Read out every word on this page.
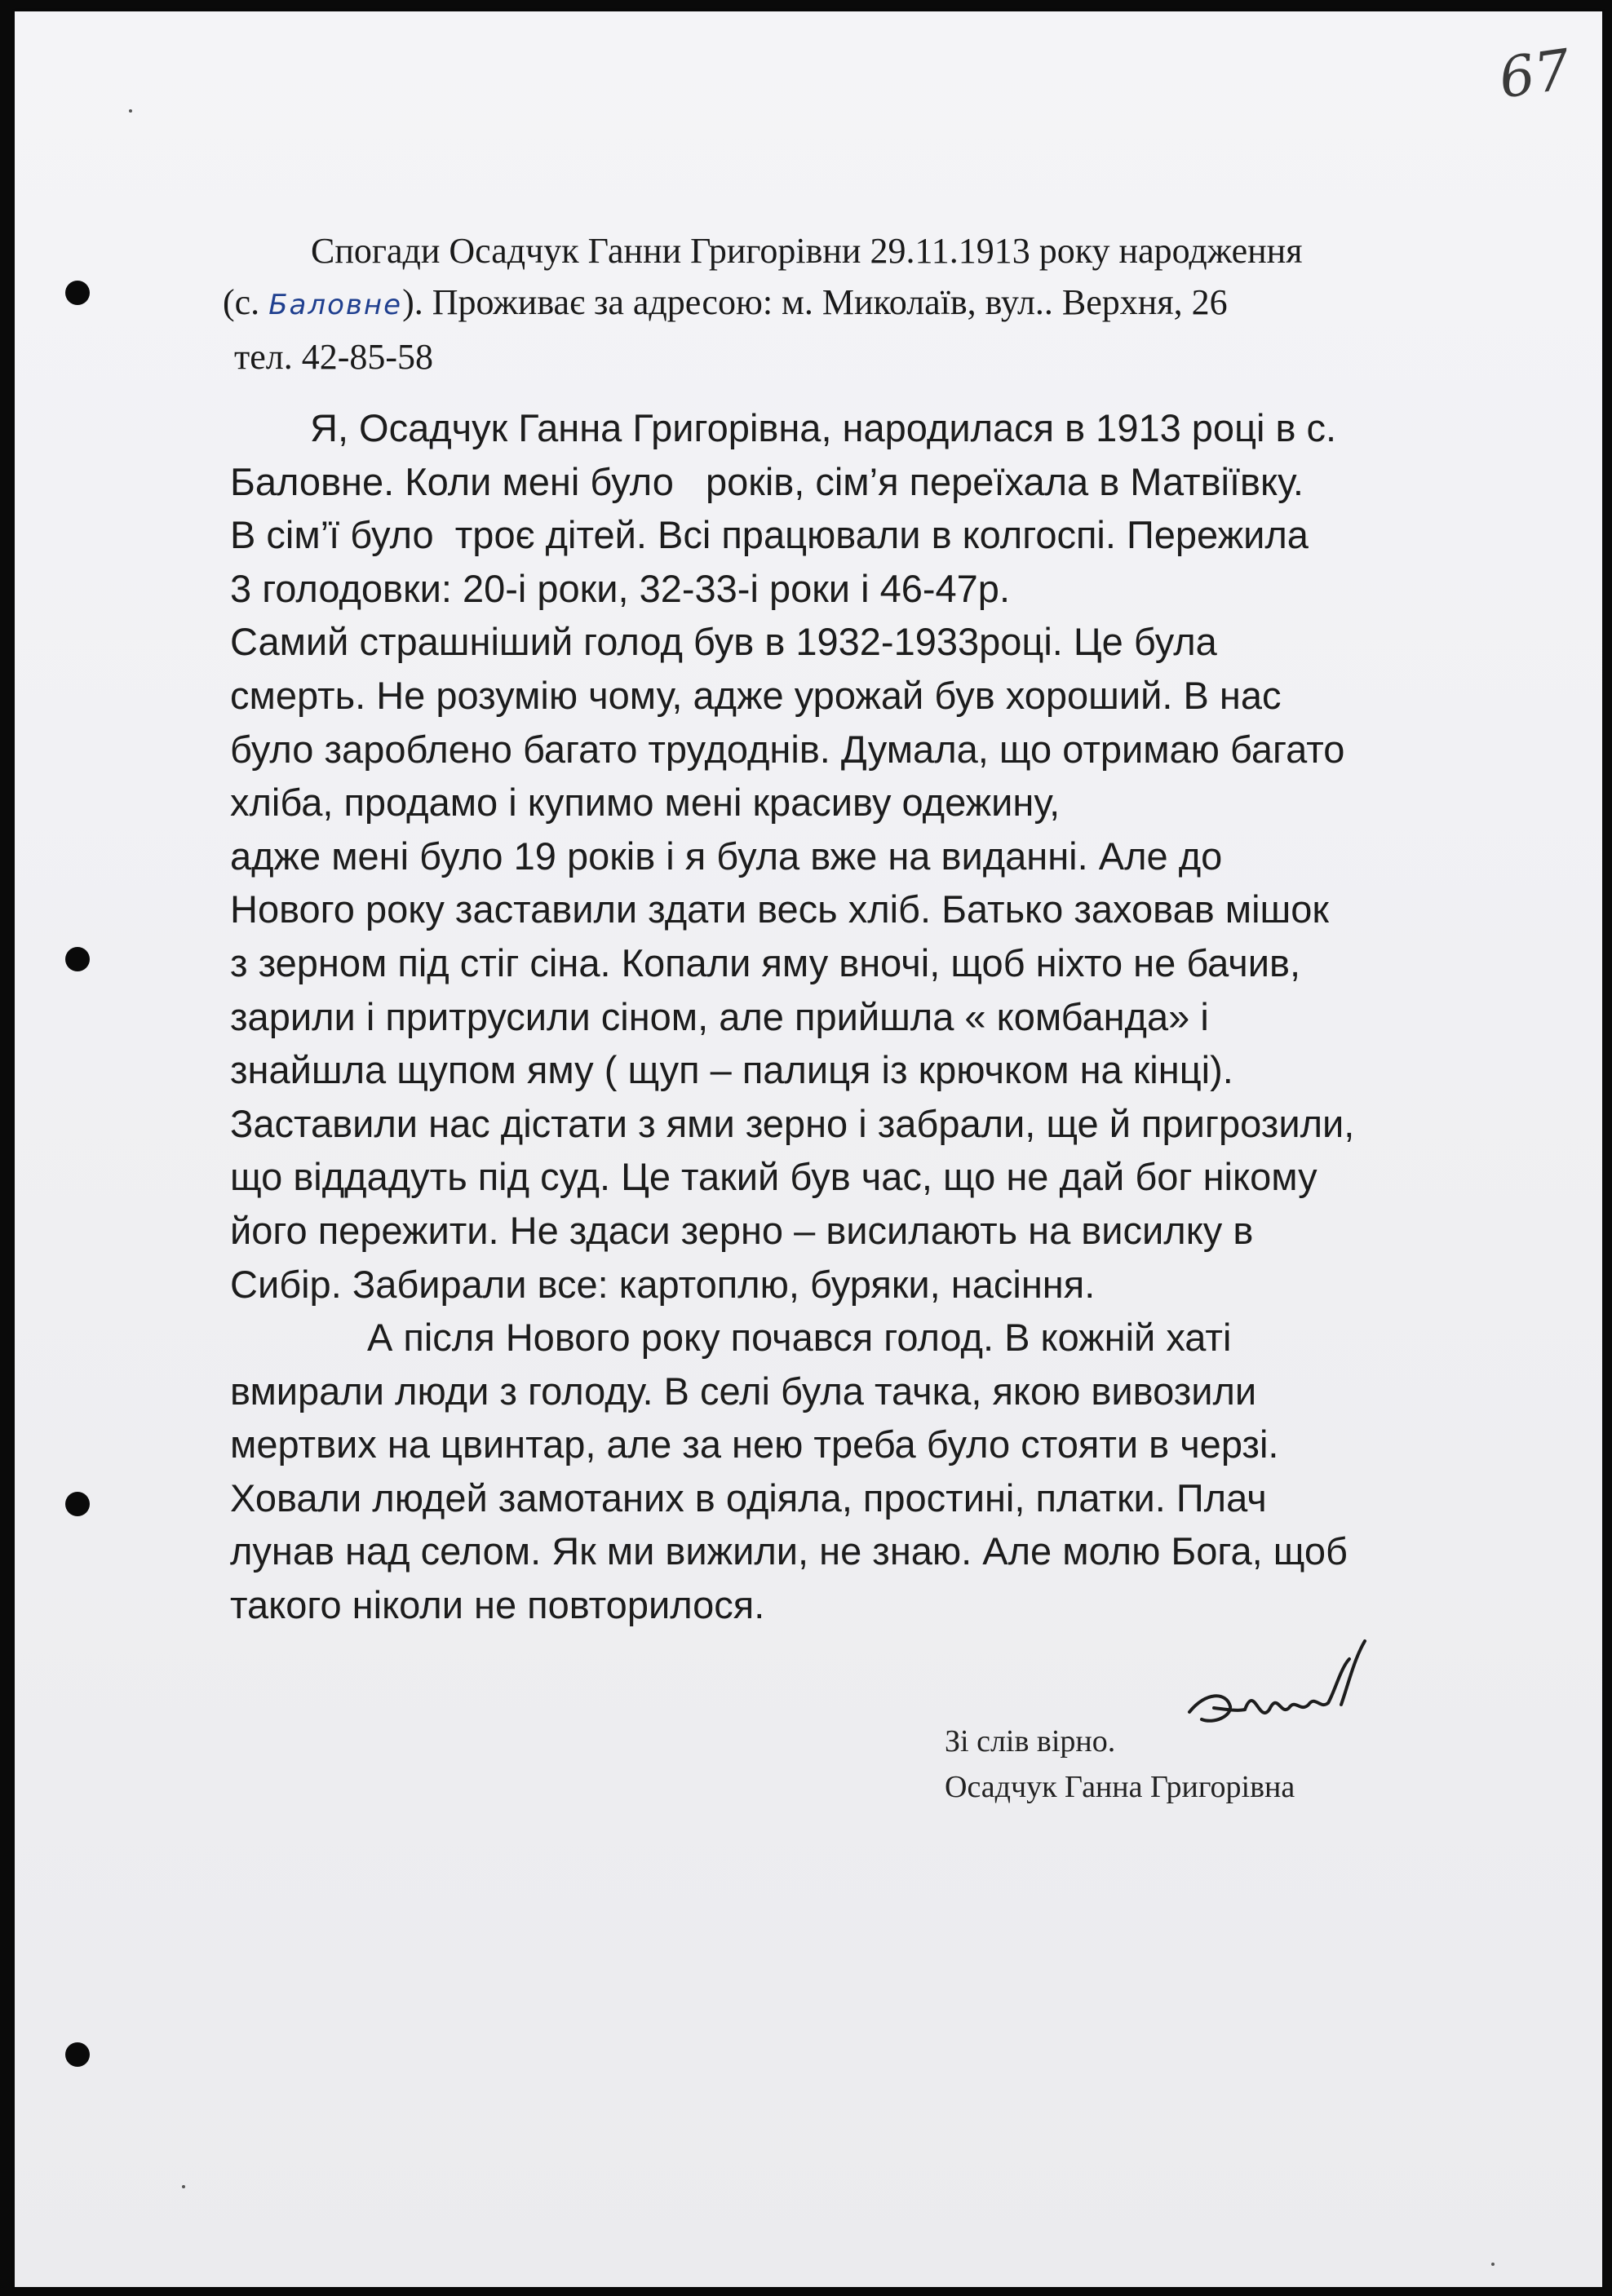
67
Спогади Осадчук Ганни Григорівни 29.11.1913 року народження
(с. Баловне). Проживає за адресою: м. Миколаїв, вул.. Верхня, 26
тел. 42-85-58
Я, Осадчук Ганна Григорівна, народилася в 1913 році в с.
Баловне. Коли мені було   років, сім’я переїхала в Матвіївку.
В сім’ї було  троє дітей. Всі працювали в колгоспі. Пережила
3 голодовки: 20-і роки, 32-33-і роки і 46-47р.
Самий страшніший голод був в 1932-1933році. Це була
смерть. Не розумію чому, адже урожай був хороший. В нас
було зароблено багато трудоднів. Думала, що отримаю багато
хліба, продамо і купимо мені красиву одежину,
адже мені було 19 років і я була вже на виданні. Але до
Нового року заставили здати весь хліб. Батько заховав мішок
з зерном під стіг сіна. Копали яму вночі, щоб ніхто не бачив,
зарили і притрусили сіном, але прийшла « комбанда» і
знайшла щупом яму ( щуп – палиця із крючком на кінці).
Заставили нас дістати з ями зерно і забрали, ще й пригрозили,
що віддадуть під суд. Це такий був час, що не дай бог нікому
його пережити. Не здаси зерно – висилають на висилку в
Сибір. Забирали все: картоплю, буряки, насіння.
А після Нового року почався голод. В кожній хаті
вмирали люди з голоду. В селі була тачка, якою вивозили
мертвих на цвинтар, але за нею треба було стояти в черзі.
Ховали людей замотаних в одіяла, простині, платки. Плач
лунав над селом. Як ми вижили, не знаю. Але молю Бога, щоб
такого ніколи не повторилося.
Зі слів вірно.
Осадчук Ганна Григорівна
